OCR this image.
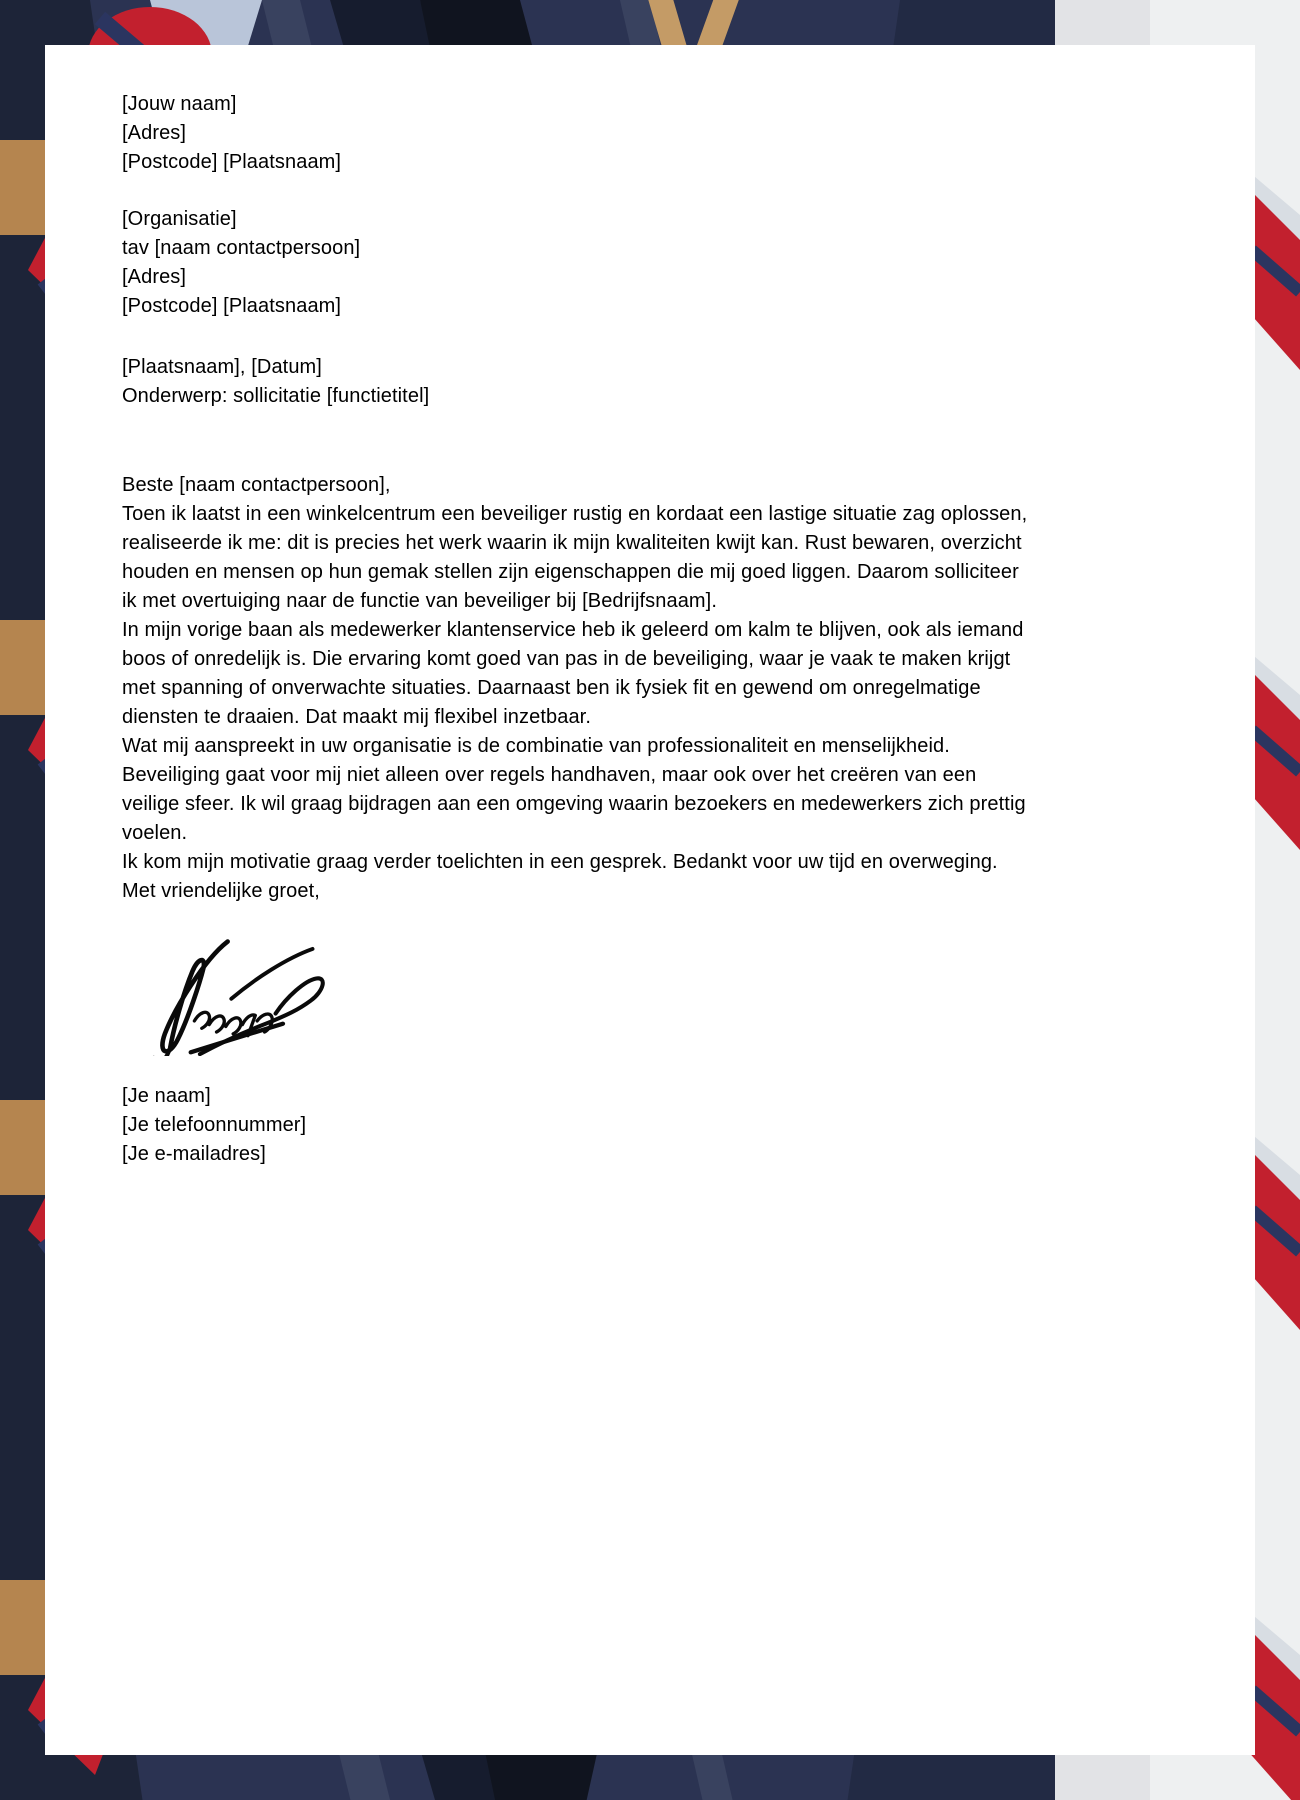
[Jouw naam]

[Adres]

[Postcode] [Plaatsnaam]

[Organisatie]

tav [naam contactpersoon]

[Adres]

[Postcode] [Plaatsnaam]

[Plaatsnaam], [Datum]

Onderwerp: sollicitatie [functietitel]

Beste [naam contactpersoon],

Toen ik laatst in een winkelcentrum een beveiliger rustig en kordaat een lastige situatie zag oplossen, realiseerde ik me: dit is precies het werk waarin ik mijn kwaliteiten kwijt kan. Rust bewaren, overzicht houden en mensen op hun gemak stellen zijn eigenschappen die mij goed liggen. Daarom solliciteer ik met overtuiging naar de functie van beveiliger bij [Bedrijfsnaam].

In mijn vorige baan als medewerker klantenservice heb ik geleerd om kalm te blijven, ook als iemand boos of onredelijk is. Die ervaring komt goed van pas in de beveiliging, waar je vaak te maken krijgt met spanning of onverwachte situaties. Daarnaast ben ik fysiek fit en gewend om onregelmatige diensten te draaien. Dat maakt mij flexibel inzetbaar.

Wat mij aanspreekt in uw organisatie is de combinatie van professionaliteit en menselijkheid. Beveiliging gaat voor mij niet alleen over regels handhaven, maar ook over het creëren van een veilige sfeer. Ik wil graag bijdragen aan een omgeving waarin bezoekers en medewerkers zich prettig voelen.

Ik kom mijn motivatie graag verder toelichten in een gesprek. Bedankt voor uw tijd en overweging.

Met vriendelijke groet,

[Je naam]

[Je telefoonnummer]

[Je e-mailadres]
